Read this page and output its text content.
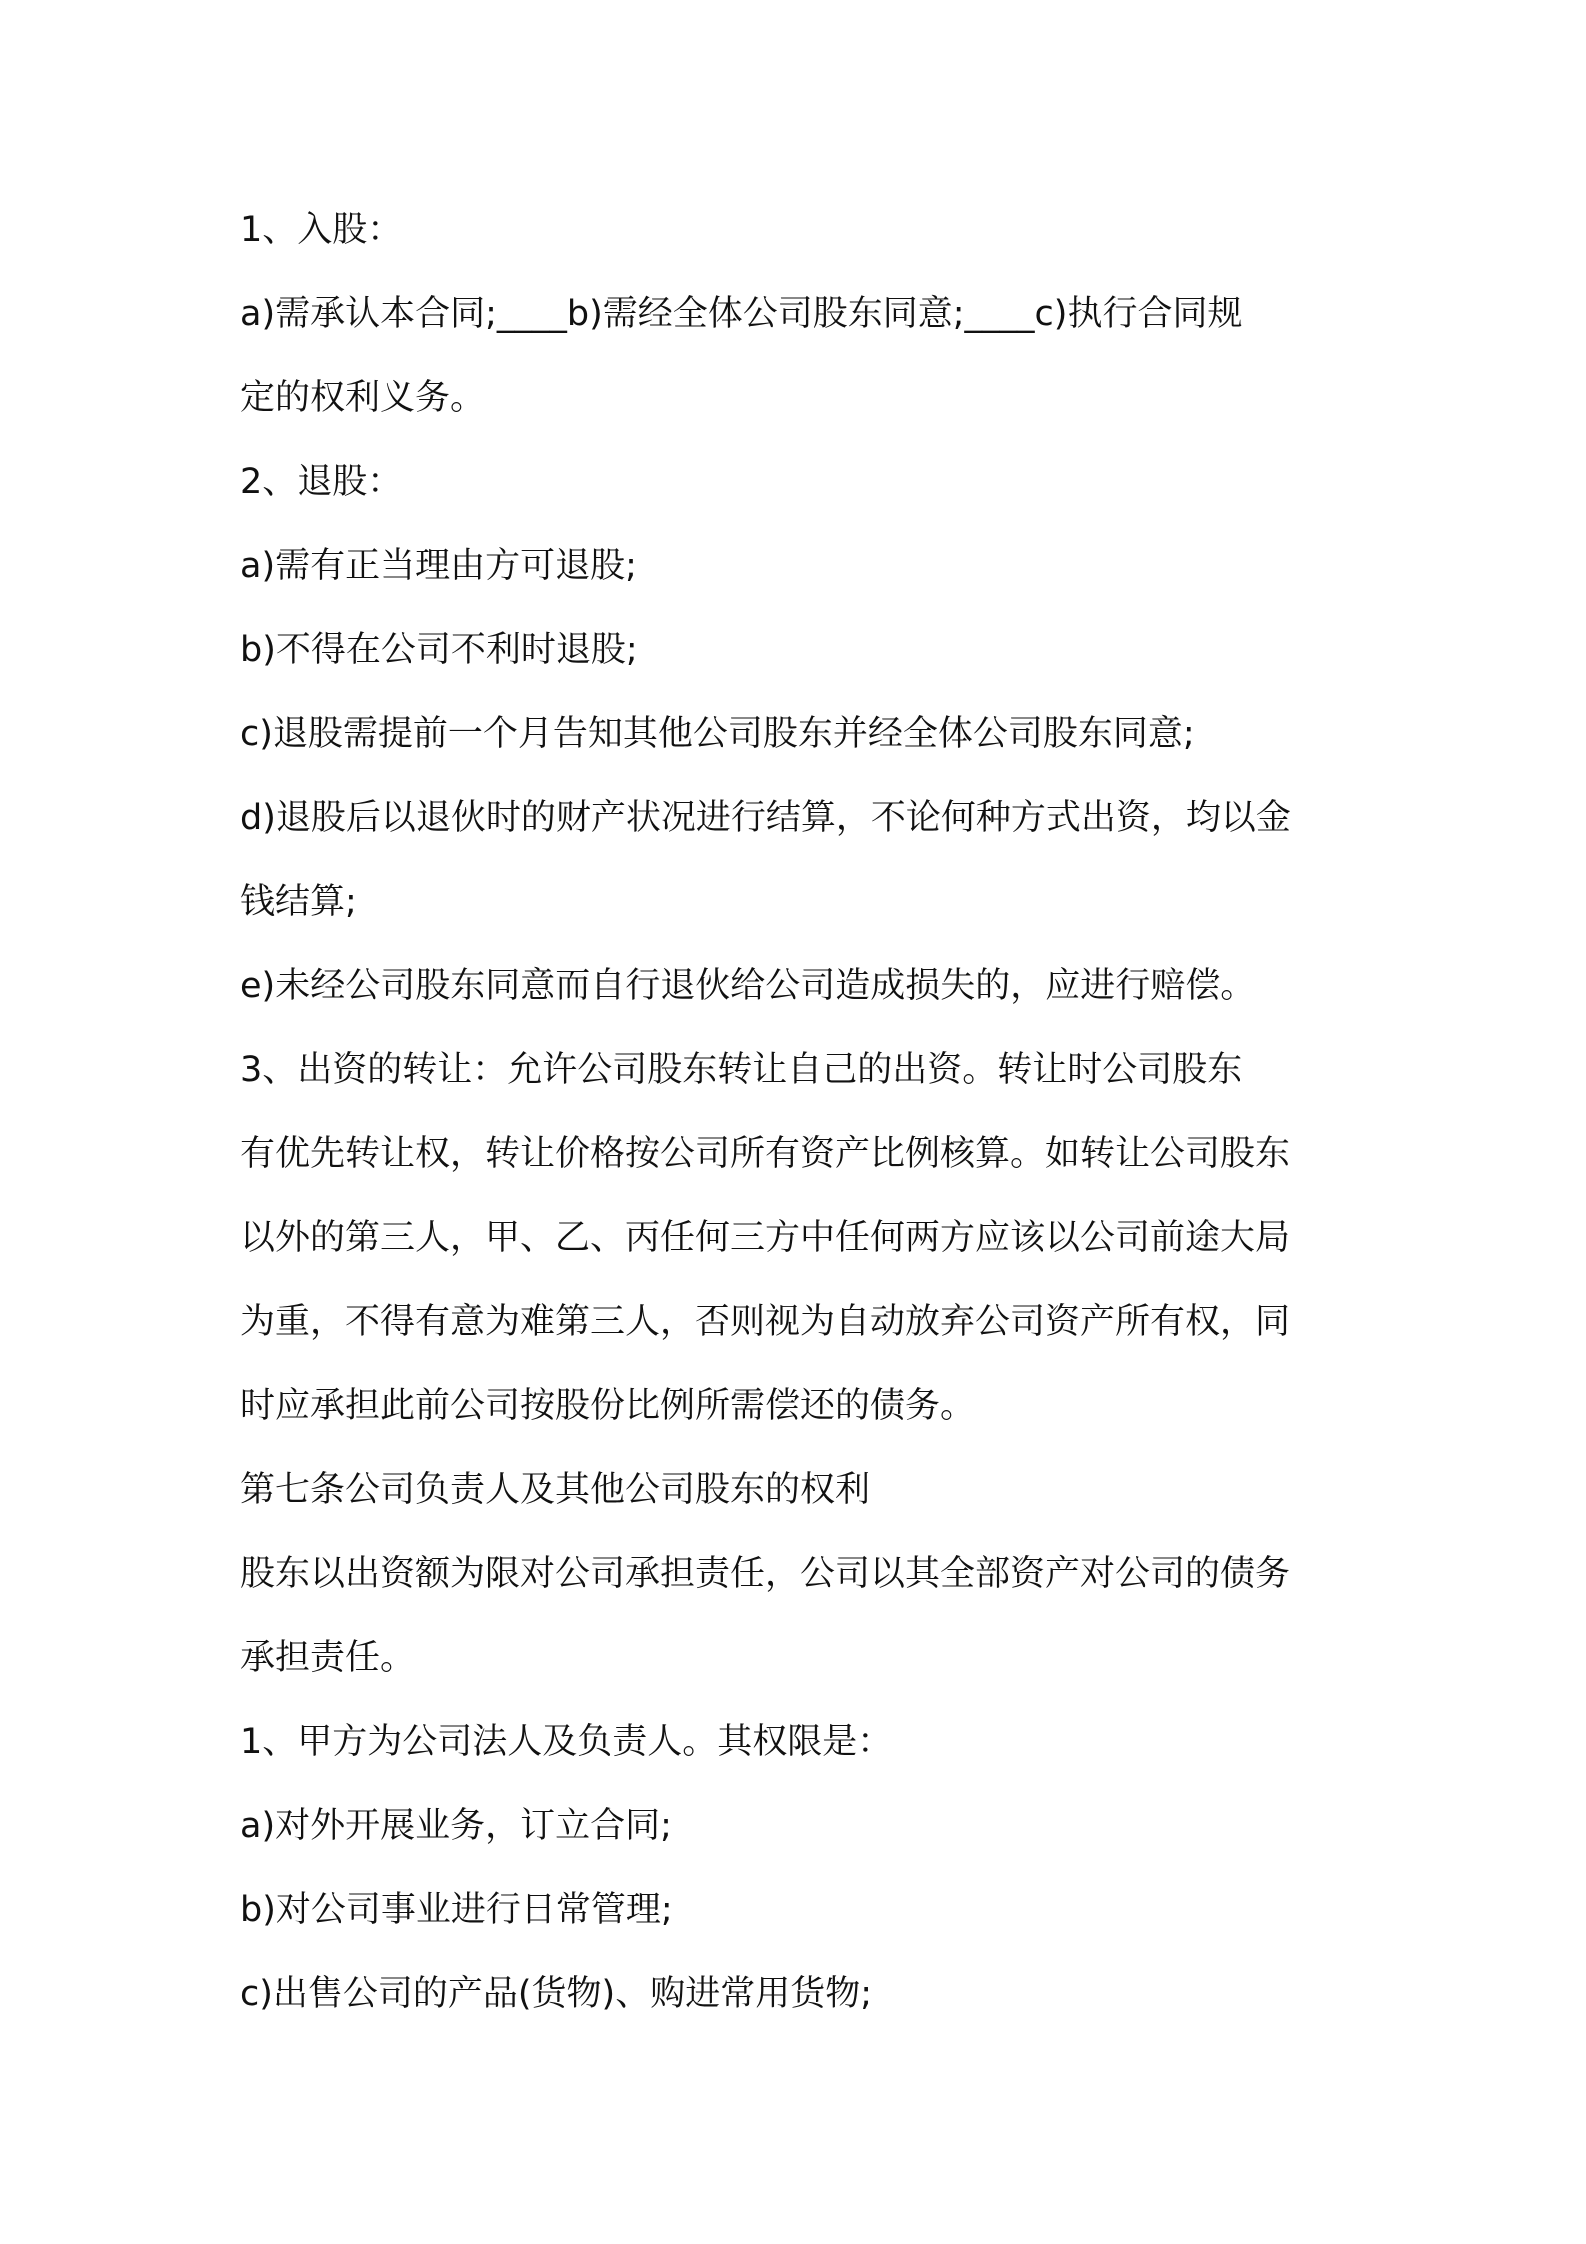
1、入股：
a)需承认本合同;____b)需经全体公司股东同意;____c)执行合同规
定的权利义务。
2、退股：
a)需有正当理由方可退股;
b)不得在公司不利时退股;
c)退股需提前一个月告知其他公司股东并经全体公司股东同意;
d)退股后以退伙时的财产状况进行结算，不论何种方式出资，均以金
钱结算;
e)未经公司股东同意而自行退伙给公司造成损失的，应进行赔偿。
3、出资的转让：允许公司股东转让自己的出资。转让时公司股东
有优先转让权，转让价格按公司所有资产比例核算。如转让公司股东
以外的第三人，甲、乙、丙任何三方中任何两方应该以公司前途大局
为重，不得有意为难第三人，否则视为自动放弃公司资产所有权，同
时应承担此前公司按股份比例所需偿还的债务。
第七条公司负责人及其他公司股东的权利
股东以出资额为限对公司承担责任，公司以其全部资产对公司的债务
承担责任。
1、甲方为公司法人及负责人。其权限是：
a)对外开展业务，订立合同;
b)对公司事业进行日常管理;
c)出售公司的产品(货物)、购进常用货物;
